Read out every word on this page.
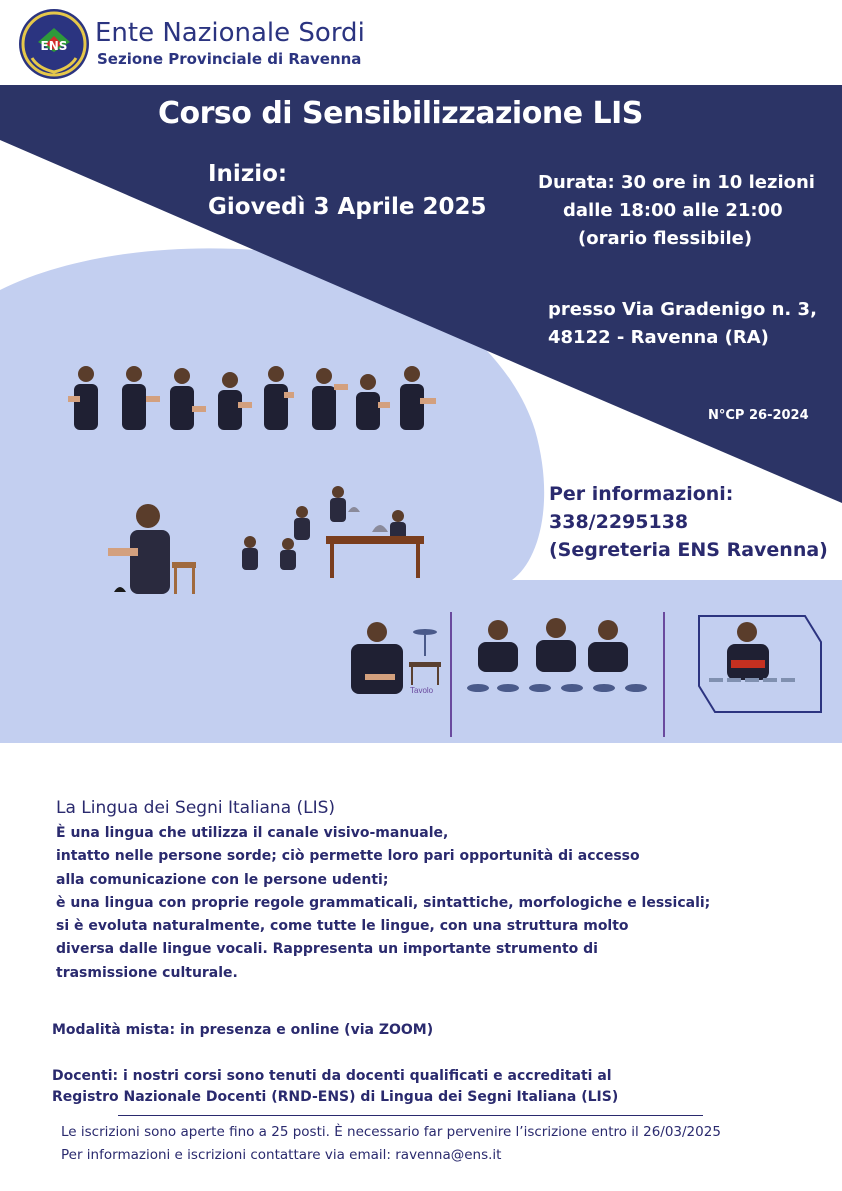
ENS Ente Nazionale Sordi
Sezione Provinciale di Ravenna
Corso di Sensibilizzazione LIS
Inizio:
Giovedì 3 Aprile 2025
Durata: 30 ore in 10 lezioni
dalle 18:00 alle 21:00
(orario flessibile)
presso Via Gradenigo n. 3,
48122 - Ravenna (RA)
N°CP 26-2024
Per informazioni:
338/2295138
(Segreteria ENS Ravenna)
Tavolo
La Lingua dei Segni Italiana (LIS)
È una lingua che utilizza il canale visivo-manuale,
intatto nelle persone sorde; ciò permette loro pari opportunità di accesso
alla comunicazione con le persone udenti;
è una lingua con proprie regole grammaticali, sintattiche, morfologiche e lessicali;
si è evoluta naturalmente, come tutte le lingue, con una struttura molto
diversa dalle lingue vocali. Rappresenta un importante strumento di
trasmissione culturale.
Modalità mista: in presenza e online (via ZOOM)
Docenti: i nostri corsi sono tenuti da docenti qualificati e accreditati al
Registro Nazionale Docenti (RND-ENS) di Lingua dei Segni Italiana (LIS)
Le iscrizioni sono aperte fino a 25 posti. È necessario far pervenire l’iscrizione entro il 26/03/2025
Per informazioni e iscrizioni contattare via email: ravenna@ens.it
